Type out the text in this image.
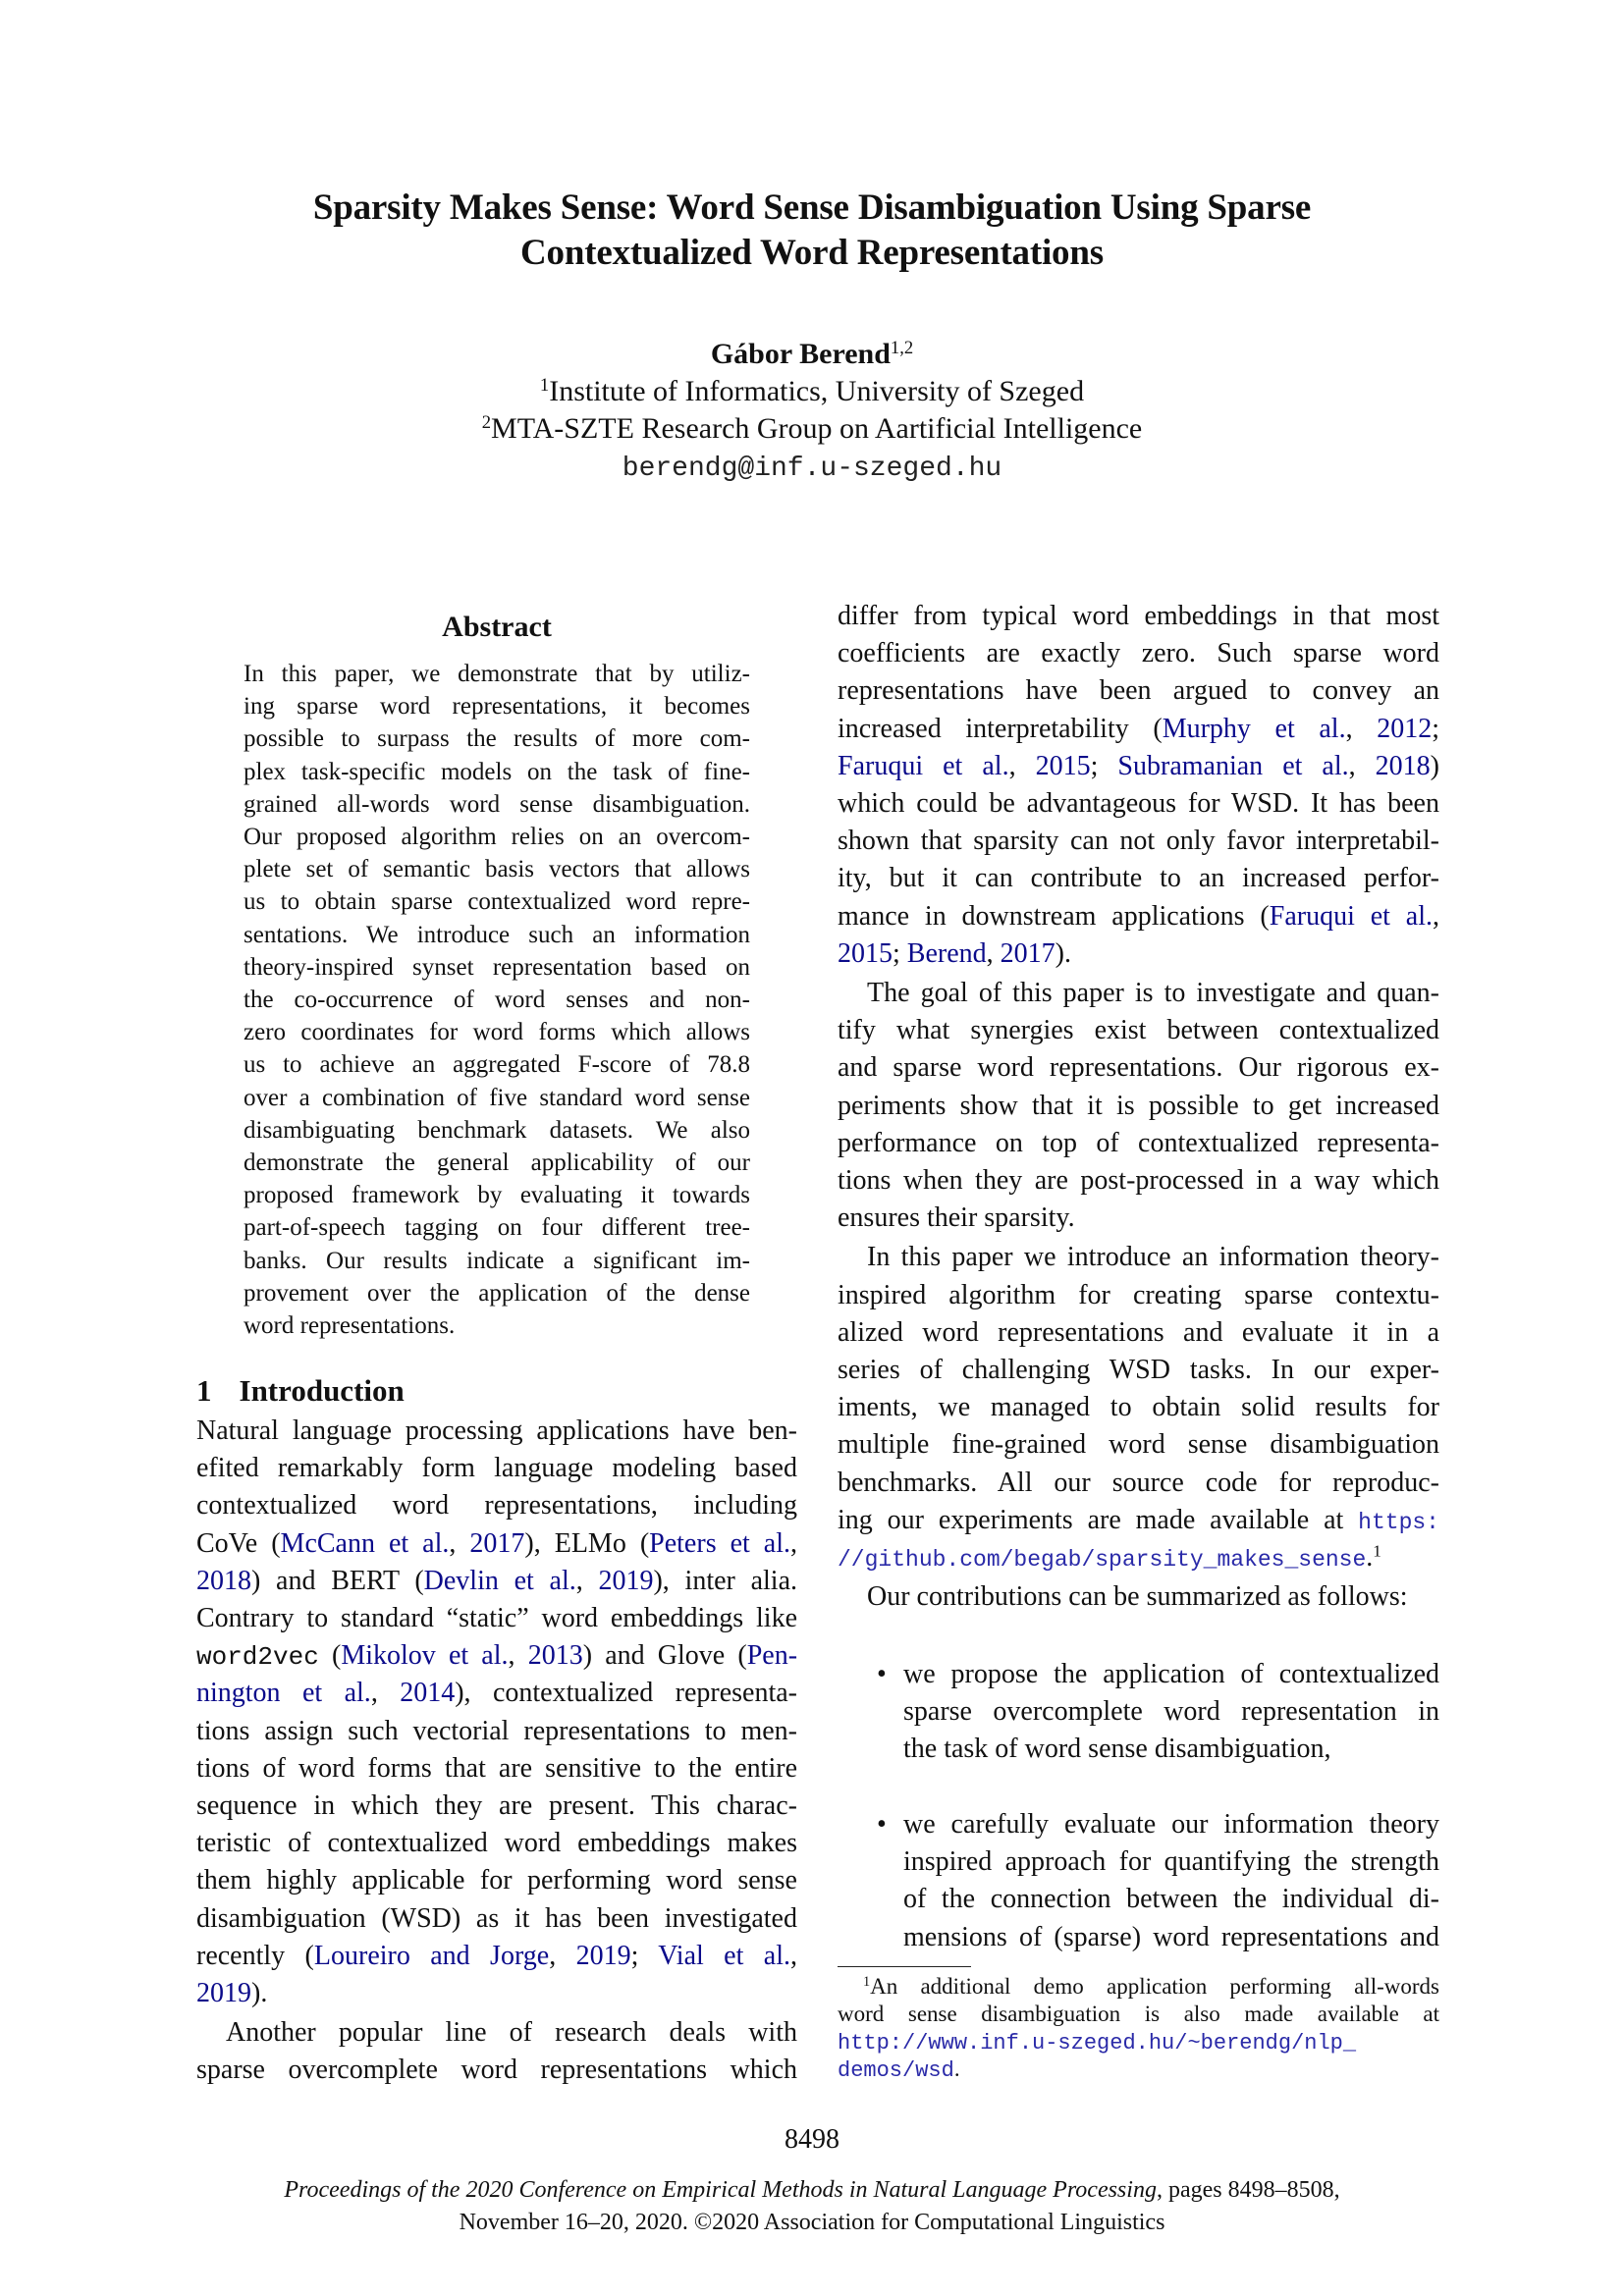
Sparsity Makes Sense: Word Sense Disambiguation Using Sparse
Contextualized Word Representations
Gábor Berend$^{1,2}$
$^1$Institute of Informatics, University of Szeged
$^2$MTA-SZTE Research Group on Aartificial Intelligence
berendg@inf.u-szeged.hu
Abstract
In this paper, we demonstrate that by utiliz-
ing sparse word representations, it becomes
possible to surpass the results of more com-
plex task-specific models on the task of fine-
grained all-words word sense disambiguation.
Our proposed algorithm relies on an overcom-
plete set of semantic basis vectors that allows
us to obtain sparse contextualized word repre-
sentations. We introduce such an information
theory-inspired synset representation based on
the co-occurrence of word senses and non-
zero coordinates for word forms which allows
us to achieve an aggregated F-score of 78.8
over a combination of five standard word sense
disambiguating benchmark datasets. We also
demonstrate the general applicability of our
proposed framework by evaluating it towards
part-of-speech tagging on four different tree-
banks. Our results indicate a significant im-
provement over the application of the dense
word representations.
1 Introduction
Natural language processing applications have ben-
efited remarkably form language modeling based
contextualized word representations, including
CoVe (McCann et al., 2017), ELMo (Peters et al.,
2018) and BERT (Devlin et al., 2019), inter alia.
Contrary to standard “static” word embeddings like
word2vec (Mikolov et al., 2013) and Glove (Pen-
nington et al., 2014), contextualized representa-
tions assign such vectorial representations to men-
tions of word forms that are sensitive to the entire
sequence in which they are present. This charac-
teristic of contextualized word embeddings makes
them highly applicable for performing word sense
disambiguation (WSD) as it has been investigated
recently (Loureiro and Jorge, 2019; Vial et al.,
2019).
Another popular line of research deals with
sparse overcomplete word representations which
differ from typical word embeddings in that most
coefficients are exactly zero. Such sparse word
representations have been argued to convey an
increased interpretability (Murphy et al., 2012;
Faruqui et al., 2015; Subramanian et al., 2018)
which could be advantageous for WSD. It has been
shown that sparsity can not only favor interpretabil-
ity, but it can contribute to an increased perfor-
mance in downstream applications (Faruqui et al.,
2015; Berend, 2017).
The goal of this paper is to investigate and quan-
tify what synergies exist between contextualized
and sparse word representations. Our rigorous ex-
periments show that it is possible to get increased
performance on top of contextualized representa-
tions when they are post-processed in a way which
ensures their sparsity.
In this paper we introduce an information theory-
inspired algorithm for creating sparse contextu-
alized word representations and evaluate it in a
series of challenging WSD tasks. In our exper-
iments, we managed to obtain solid results for
multiple fine-grained word sense disambiguation
benchmarks. All our source code for reproduc-
ing our experiments are made available at https:
//github.com/begab/sparsity_makes_sense.$^1$
Our contributions can be summarized as follows:
• we propose the application of contextualized
sparse overcomplete word representation in
the task of word sense disambiguation,
• we carefully evaluate our information theory
inspired approach for quantifying the strength
of the connection between the individual di-
mensions of (sparse) word representations and
$^1$An additional demo application performing all-words
word sense disambiguation is also made available at
http://www.inf.u-szeged.hu/~berendg/nlp_
demos/wsd.
8498
Proceedings of the 2020 Conference on Empirical Methods in Natural Language Processing, pages 8498–8508,
November 16–20, 2020. ©2020 Association for Computational Linguistics
